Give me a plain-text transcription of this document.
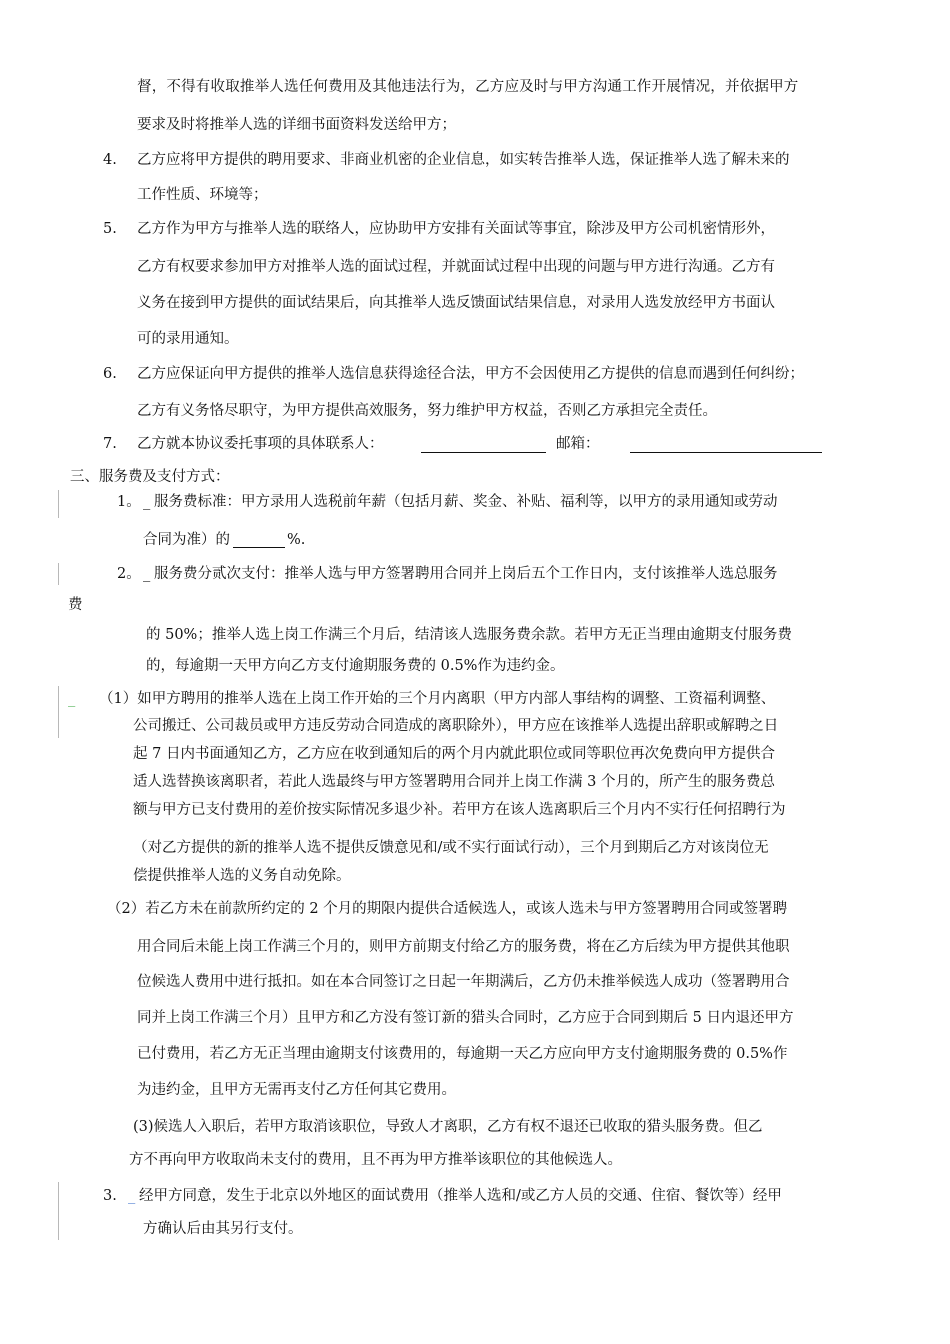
督，不得有收取推举人选任何费用及其他违法行为，乙方应及时与甲方沟通工作开展情况，并依据甲方
要求及时将推举人选的详细书面资料发送给甲方；
4. 乙方应将甲方提供的聘用要求、非商业机密的企业信息，如实转告推举人选，保证推举人选了解未来的
工作性质、环境等；
5. 乙方作为甲方与推举人选的联络人，应协助甲方安排有关面试等事宜，除涉及甲方公司机密情形外，
乙方有权要求参加甲方对推举人选的面试过程，并就面试过程中出现的问题与甲方进行沟通。乙方有
义务在接到甲方提供的面试结果后，向其推举人选反馈面试结果信息，对录用人选发放经甲方书面认
可的录用通知。
6. 乙方应保证向甲方提供的推举人选信息获得途径合法，甲方不会因使用乙方提供的信息而遇到任何纠纷；
乙方有义务恪尽职守，为甲方提供高效服务，努力维护甲方权益，否则乙方承担完全责任。
7. 乙方就本协议委托事项的具体联系人：	邮箱：
三、服务费及支付方式：
1。 _ 服务费标准：甲方录用人选税前年薪（包括月薪、奖金、补贴、福利等，以甲方的录用通知或劳动
合同为准）的	%.
2。 _ 服务费分贰次支付：推举人选与甲方签署聘用合同并上岗后五个工作日内，支付该推举人选总服务
费
的 50%；推举人选上岗工作满三个月后，结清该人选服务费余款。若甲方无正当理由逾期支付服务费
的，每逾期一天甲方向乙方支付逾期服务费的 0.5%作为违约金。
_ （1）如甲方聘用的推举人选在上岗工作开始的三个月内离职（甲方内部人事结构的调整、工资福利调整、
公司搬迁、公司裁员或甲方违反劳动合同造成的离职除外），甲方应在该推举人选提出辞职或解聘之日
起 7 日内书面通知乙方，乙方应在收到通知后的两个月内就此职位或同等职位再次免费向甲方提供合
适人选替换该离职者，若此人选最终与甲方签署聘用合同并上岗工作满 3 个月的，所产生的服务费总
额与甲方已支付费用的差价按实际情况多退少补。若甲方在该人选离职后三个月内不实行任何招聘行为
（对乙方提供的新的推举人选不提供反馈意见和/或不实行面试行动），三个月到期后乙方对该岗位无
偿提供推举人选的义务自动免除。
（2）若乙方未在前款所约定的 2 个月的期限内提供合适候选人，或该人选未与甲方签署聘用合同或签署聘
用合同后未能上岗工作满三个月的，则甲方前期支付给乙方的服务费，将在乙方后续为甲方提供其他职
位候选人费用中进行抵扣。如在本合同签订之日起一年期满后，乙方仍未推举候选人成功（签署聘用合
同并上岗工作满三个月）且甲方和乙方没有签订新的猎头合同时，乙方应于合同到期后 5 日内退还甲方
已付费用，若乙方无正当理由逾期支付该费用的，每逾期一天乙方应向甲方支付逾期服务费的 0.5%作
为违约金，且甲方无需再支付乙方任何其它费用。
(3)候选人入职后，若甲方取消该职位，导致人才离职，乙方有权不退还已收取的猎头服务费。但乙
方不再向甲方收取尚未支付的费用，且不再为甲方推举该职位的其他候选人。
3. _ 经甲方同意，发生于北京以外地区的面试费用（推举人选和/或乙方人员的交通、住宿、餐饮等）经甲
方确认后由其另行支付。
